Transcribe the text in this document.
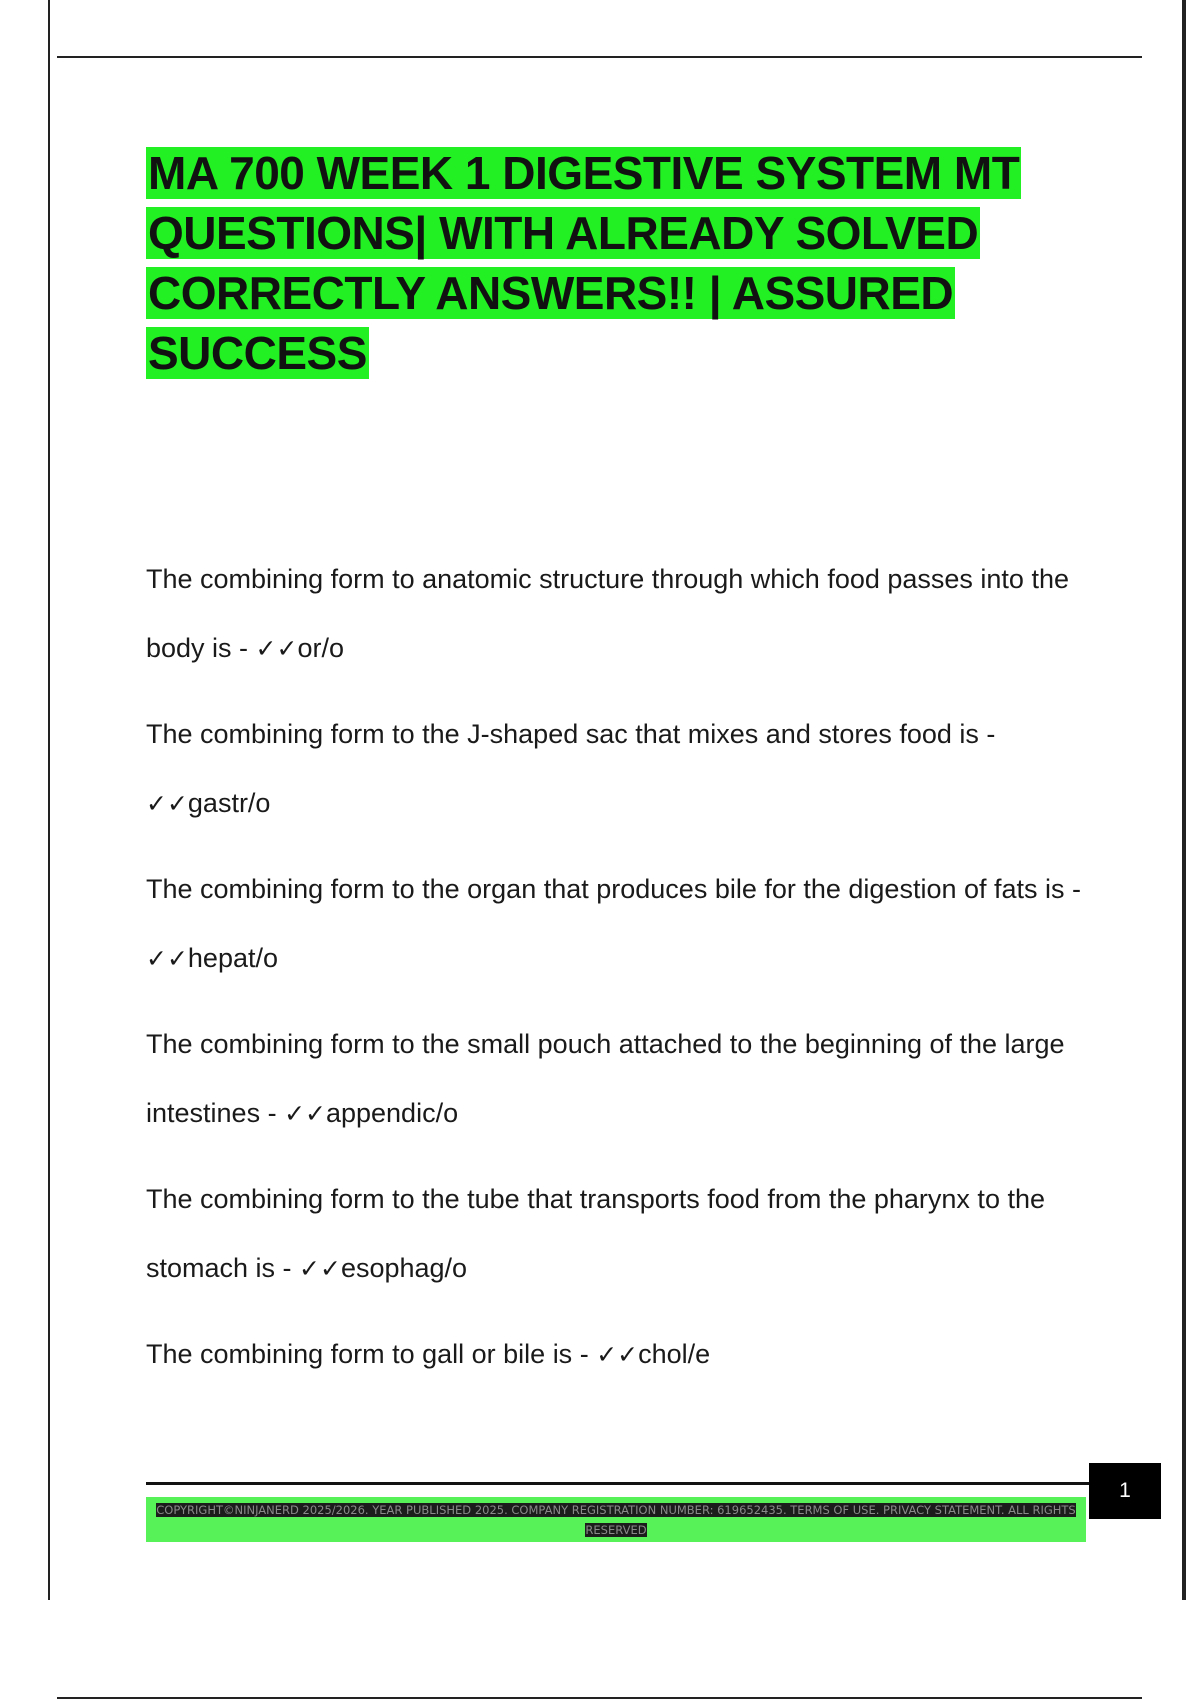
MA 700 WEEK 1 DIGESTIVE SYSTEM MT QUESTIONS| WITH ALREADY SOLVED CORRECTLY ANSWERS!! | ASSURED SUCCESS

The combining form to anatomic structure through which food passes into the body is - ✓✓or/o

The combining form to the J-shaped sac that mixes and stores food is - ✓✓gastr/o

The combining form to the organ that produces bile for the digestion of fats is - ✓✓hepat/o

The combining form to the small pouch attached to the beginning of the large intestines - ✓✓appendic/o

The combining form to the tube that transports food from the pharynx to the stomach is - ✓✓esophag/o

The combining form to gall or bile is - ✓✓chol/e

1
COPYRIGHT©NINJANERD 2025/2026. YEAR PUBLISHED 2025. COMPANY REGISTRATION NUMBER: 619652435. TERMS OF USE. PRIVACY STATEMENT. ALL RIGHTS RESERVED
